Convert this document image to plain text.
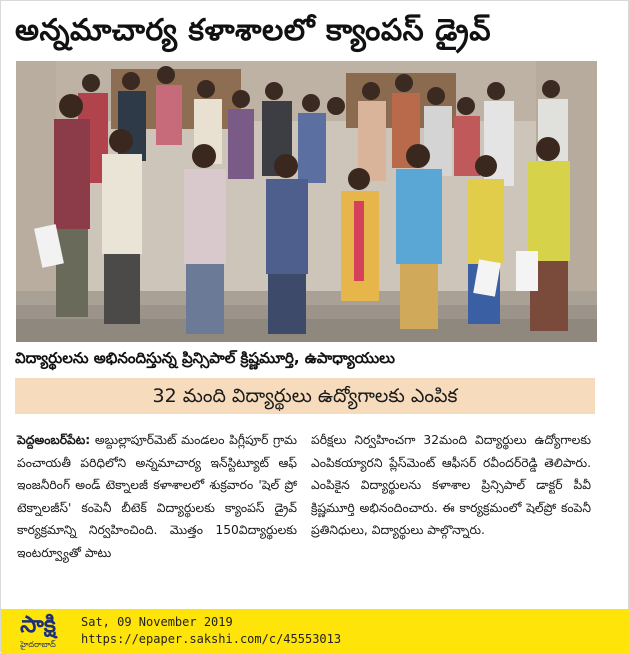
అన్నమాచార్య కళాశాలలో క్యాంపస్ డ్రైవ్
విద్యార్థులను అభినందిస్తున్న ప్రిన్సిపాల్ క్రిష్ణమూర్తి, ఉపాధ్యాయులు
32 మంది విద్యార్థులు ఉద్యోగాలకు ఎంపిక
పెద్దఅంబర్‌పేట: అబ్దుల్లాపూర్‌మెట్ మండలం పిగ్లీపూర్ గ్రామ పంచాయతీ పరిధిలోని అన్నమాచార్య ఇన్‌స్టిట్యూట్ ఆఫ్ ఇంజనీరింగ్ అండ్ టెక్నాలజీ కళాశాలలో శుక్రవారం 'షెల్ ప్రో టెక్నాలజీస్' కంపెనీ బీటెక్ విద్యార్థులకు క్యాంపస్ డ్రైవ్ కార్యక్రమాన్ని నిర్వహించింది. మొత్తం 150విద్యార్థులకు ఇంటర్వ్యూతో పాటు
పరీక్షలు నిర్వహించగా 32మంది విద్యార్థులు ఉద్యోగాలకు ఎంపికయ్యారని ప్లేస్‌మెంట్ ఆఫీసర్ రవీందర్‌రెడ్డి తెలిపారు. ఎంపికైన విద్యార్థులను కళాశాల ప్రిన్సిపాల్ డాక్టర్ పీవీ క్రిష్ణమూర్తి అభినందించారు. ఈ కార్యక్రమంలో షెల్‌ప్రో కంపెనీ ప్రతినిధులు, విద్యార్థులు పాల్గొన్నారు.
సాక్షి
హైదరాబాద్
Sat, 09 November 2019
https://epaper.sakshi.com/c/45553013
